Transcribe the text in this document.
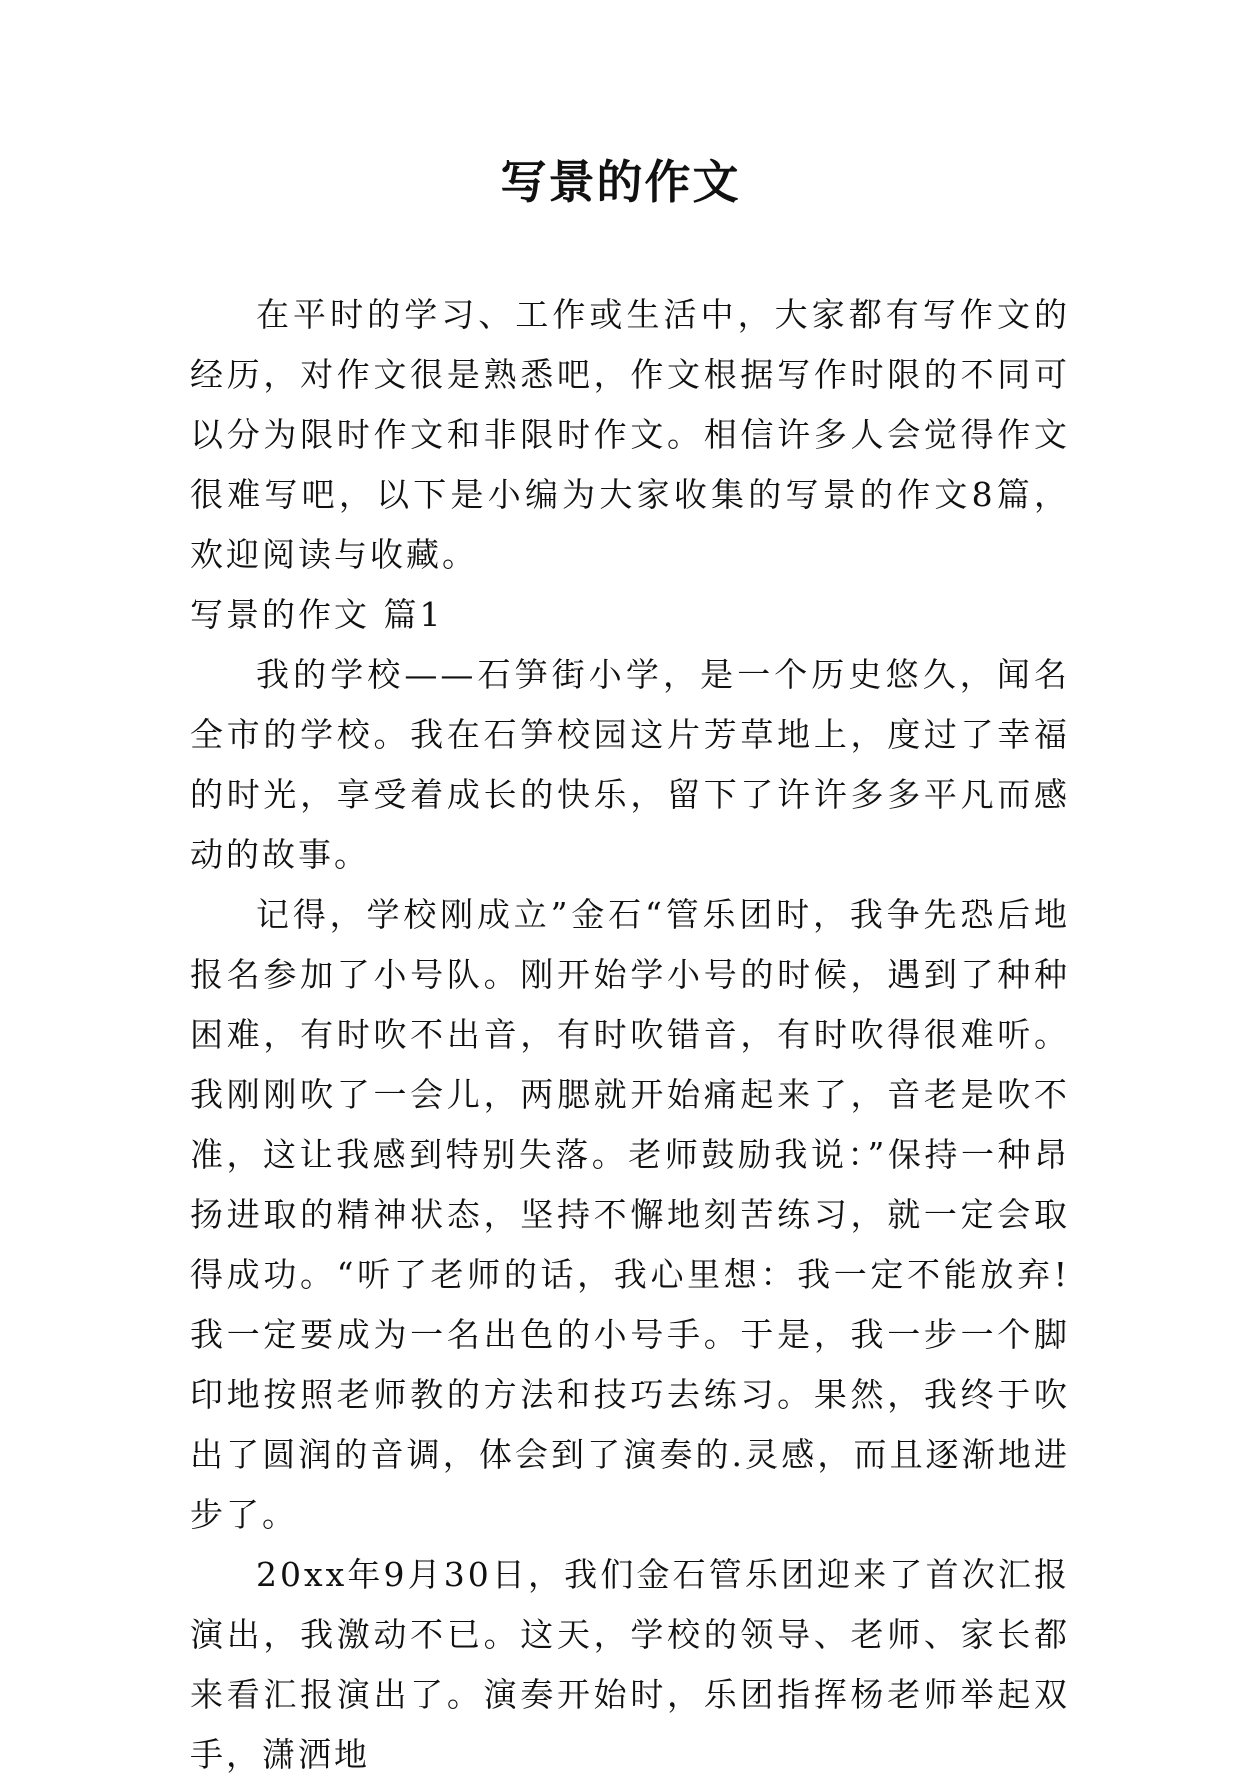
写景的作文

在平时的学习、工作或生活中，大家都有写作文的经历，对作文很是熟悉吧，作文根据写作时限的不同可以分为限时作文和非限时作文。相信许多人会觉得作文很难写吧，以下是小编为大家收集的写景的作文8篇，欢迎阅读与收藏。

写景的作文 篇1

我的学校——石笋街小学，是一个历史悠久，闻名全市的学校。我在石笋校园这片芳草地上，度过了幸福的时光，享受着成长的快乐，留下了许许多多平凡而感动的故事。

记得，学校刚成立”金石“管乐团时，我争先恐后地报名参加了小号队。刚开始学小号的时候，遇到了种种困难，有时吹不出音，有时吹错音，有时吹得很难听。我刚刚吹了一会儿，两腮就开始痛起来了，音老是吹不准，这让我感到特别失落。老师鼓励我说：”保持一种昂扬进取的精神状态，坚持不懈地刻苦练习，就一定会取得成功。“听了老师的话，我心里想：我一定不能放弃!我一定要成为一名出色的小号手。于是，我一步一个脚印地按照老师教的方法和技巧去练习。果然，我终于吹出了圆润的音调，体会到了演奏的.灵感，而且逐渐地进步了。

20xx年9月30日，我们金石管乐团迎来了首次汇报演出，我激动不已。这天，学校的领导、老师、家长都来看汇报演出了。演奏开始时，乐团指挥杨老师举起双手，潇洒地
